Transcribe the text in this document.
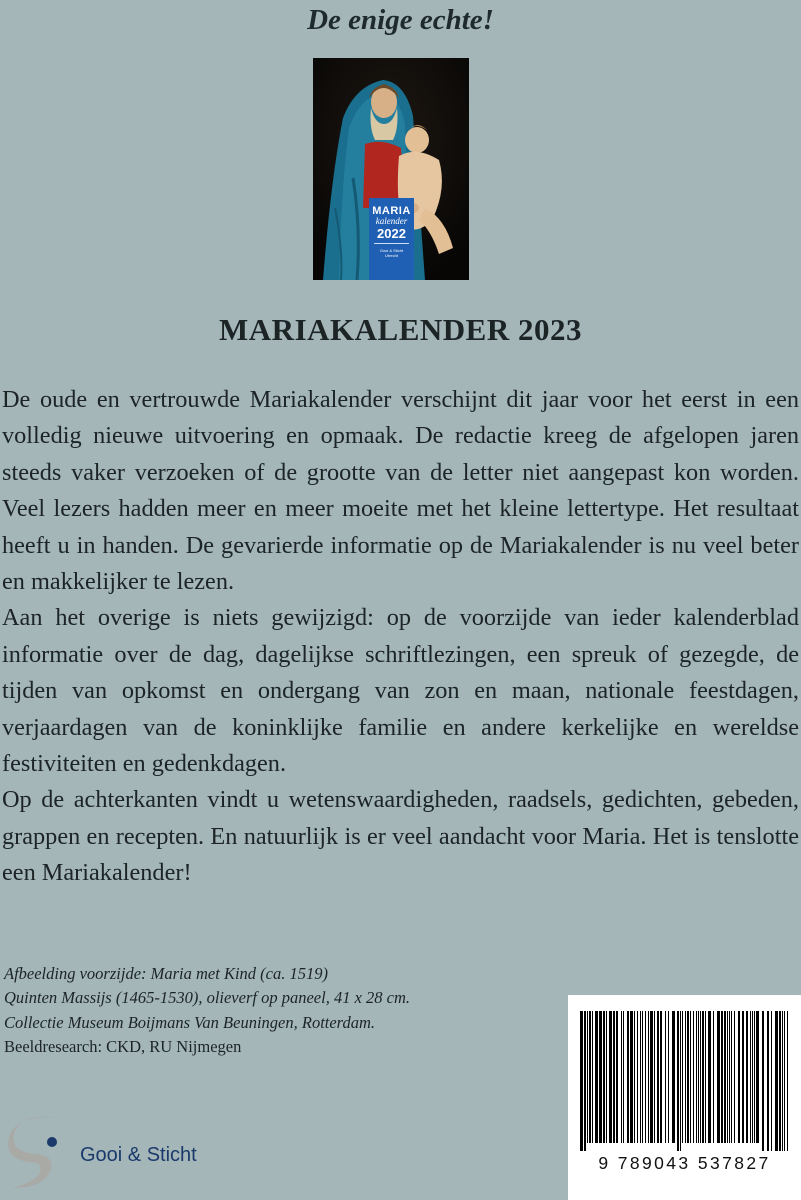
De enige echte!
MARIA
kalender
2022
Gooi & Sticht
Utrecht
MARIAKALENDER 2023

De oude en vertrouwde Mariakalender verschijnt dit jaar voor het eerst in een volledig nieuwe uitvoering en opmaak. De redactie kreeg de afgelopen jaren steeds vaker verzoeken of de grootte van de letter niet aangepast kon worden. Veel lezers hadden meer en meer moeite met het kleine lettertype. Het resultaat heeft u in handen. De gevarierde informatie op de Mariakalender is nu veel beter en makkelijker te lezen.

Aan het overige is niets gewijzigd: op de voorzijde van ieder kalenderblad informatie over de dag, dagelijkse schriftlezingen, een spreuk of gezegde, de tijden van opkomst en ondergang van zon en maan, nationale feestdagen, verjaardagen van de koninklijke familie en andere kerkelijke en wereldse festiviteiten en gedenkdagen.

Op de achterkanten vindt u wetenswaardigheden, raadsels, gedichten, gebeden, grappen en recepten. En natuurlijk is er veel aandacht voor Maria. Het is tenslotte een Mariakalender!

Afbeelding voorzijde: Maria met Kind (ca. 1519)
Quinten Massijs (1465-1530), olieverf op paneel, 41 x 28 cm.
Collectie Museum Boijmans Van Beuningen, Rotterdam.
Beeldresearch: CKD, RU Nijmegen
Gooi & Sticht	9 789043 537827
